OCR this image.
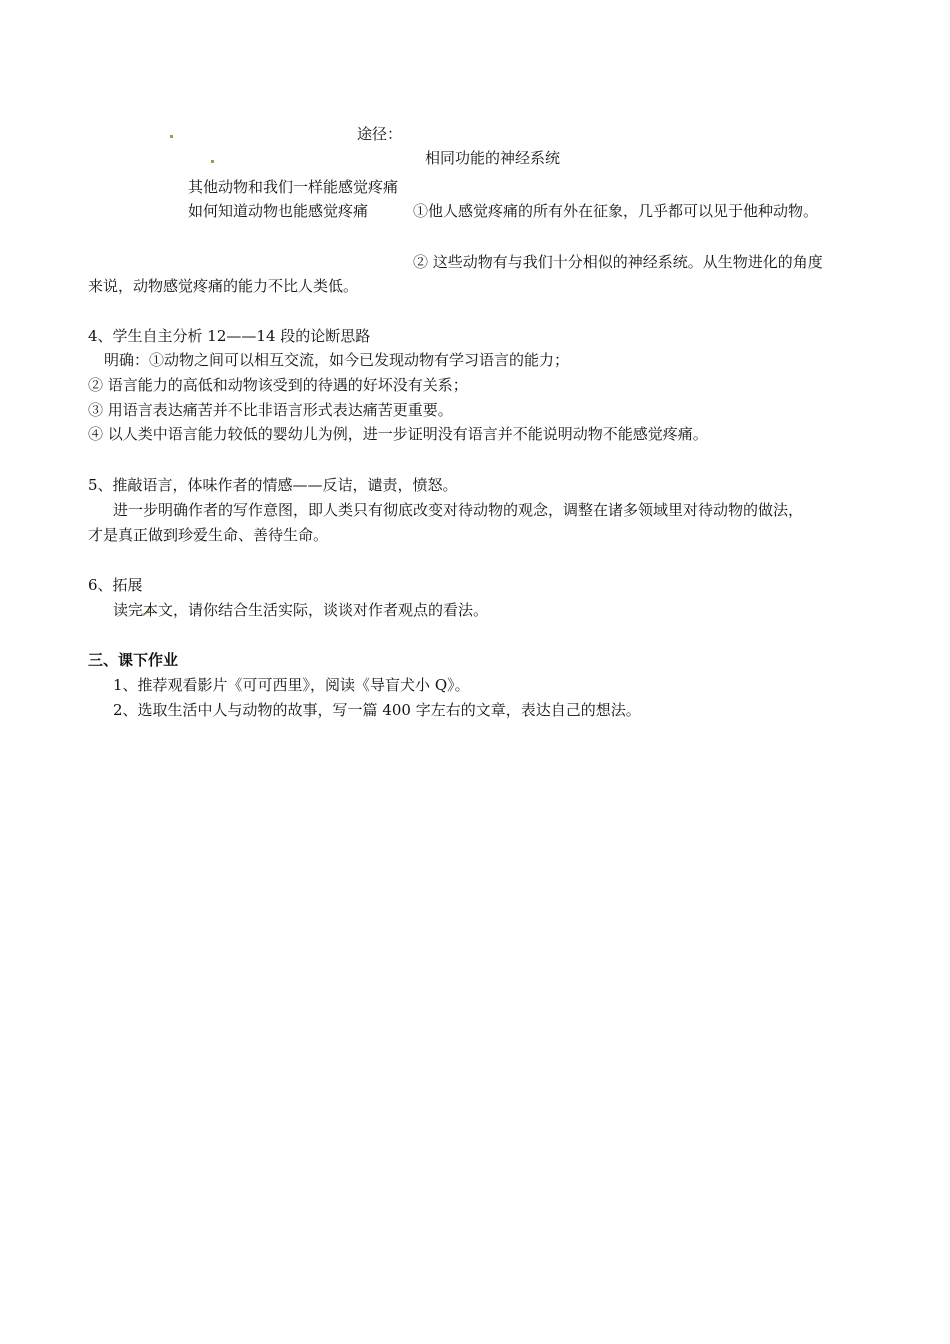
途径：
相同功能的神经系统
其他动物和我们一样能感觉疼痛
如何知道动物也能感觉疼痛	①他人感觉疼痛的所有外在征象，几乎都可以见于他种动物。
② 这些动物有与我们十分相似的神经系统。从生物进化的角度
来说，动物感觉疼痛的能力不比人类低。
4、学生自主分析 12——14 段的论断思路
明确：①动物之间可以相互交流，如今已发现动物有学习语言的能力；
② 语言能力的高低和动物该受到的待遇的好坏没有关系；
③ 用语言表达痛苦并不比非语言形式表达痛苦更重要。
④ 以人类中语言能力较低的婴幼儿为例，进一步证明没有语言并不能说明动物不能感觉疼痛。
5、推敲语言，体味作者的情感——反诘，谴责，愤怒。
进一步明确作者的写作意图，即人类只有彻底改变对待动物的观念，调整在诸多领域里对待动物的做法，
才是真正做到珍爱生命、善待生命。
6、拓展
读完本文，请你结合生活实际，谈谈对作者观点的看法。
三、课下作业
1、推荐观看影片《可可西里》，阅读《导盲犬小 Q》。
2、选取生活中人与动物的故事，写一篇 400 字左右的文章，表达自己的想法。
